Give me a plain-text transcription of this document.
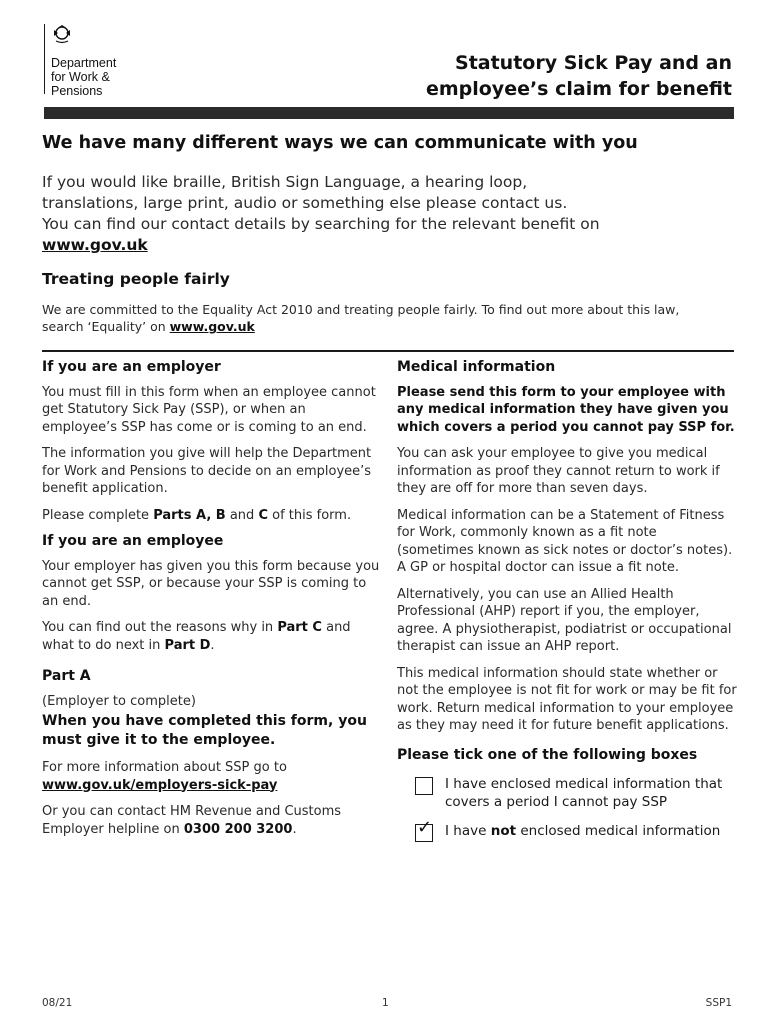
Department
for Work &
Pensions
Statutory Sick Pay and an
employee’s claim for benefit
We have many different ways we can communicate with you

If you would like braille, British Sign Language, a hearing loop,

translations, large print, audio or something else please contact us.

You can find our contact details by searching for the relevant benefit on

www.gov.uk

Treating people fairly
We are committed to the Equality Act 2010 and treating people fairly. To find out more about this law, search ‘Equality’ on www.gov.uk
If you are an employer

You must fill in this form when an employee cannot get Statutory Sick Pay (SSP), or when an employee’s SSP has come or is coming to an end.

The information you give will help the Department for Work and Pensions to decide on an employee’s benefit application.

Please complete Parts A, B and C of this form.

If you are an employee

Your employer has given you this form because you cannot get SSP, or because your SSP is coming to an end.

You can find out the reasons why in Part C and what to do next in Part D.

Part A

(Employer to complete)

When you have completed this form, you must give it to the employee.

For more information about SSP go to
www.gov.uk/employers-sick-pay

Or you can contact HM Revenue and Customs Employer helpline on 0300 200 3200.

Medical information

Please send this form to your employee with any medical information they have given you which covers a period you cannot pay SSP for.

You can ask your employee to give you medical information as proof they cannot return to work if they are off for more than seven days.

Medical information can be a Statement of Fitness for Work, commonly known as a fit note (sometimes known as sick notes or doctor’s notes). A GP or hospital doctor can issue a fit note.

Alternatively, you can use an Allied Health Professional (AHP) report if you, the employer, agree. A physiotherapist, podiatrist or occupational therapist can issue an AHP report.

This medical information should state whether or not the employee is not fit for work or may be fit for work. Return medical information to your employee as they may need it for future benefit applications.

Please tick one of the following boxes
I have enclosed medical information that covers a period I cannot pay SSP
✓ I have not enclosed medical information
08/21	1	SSP1
